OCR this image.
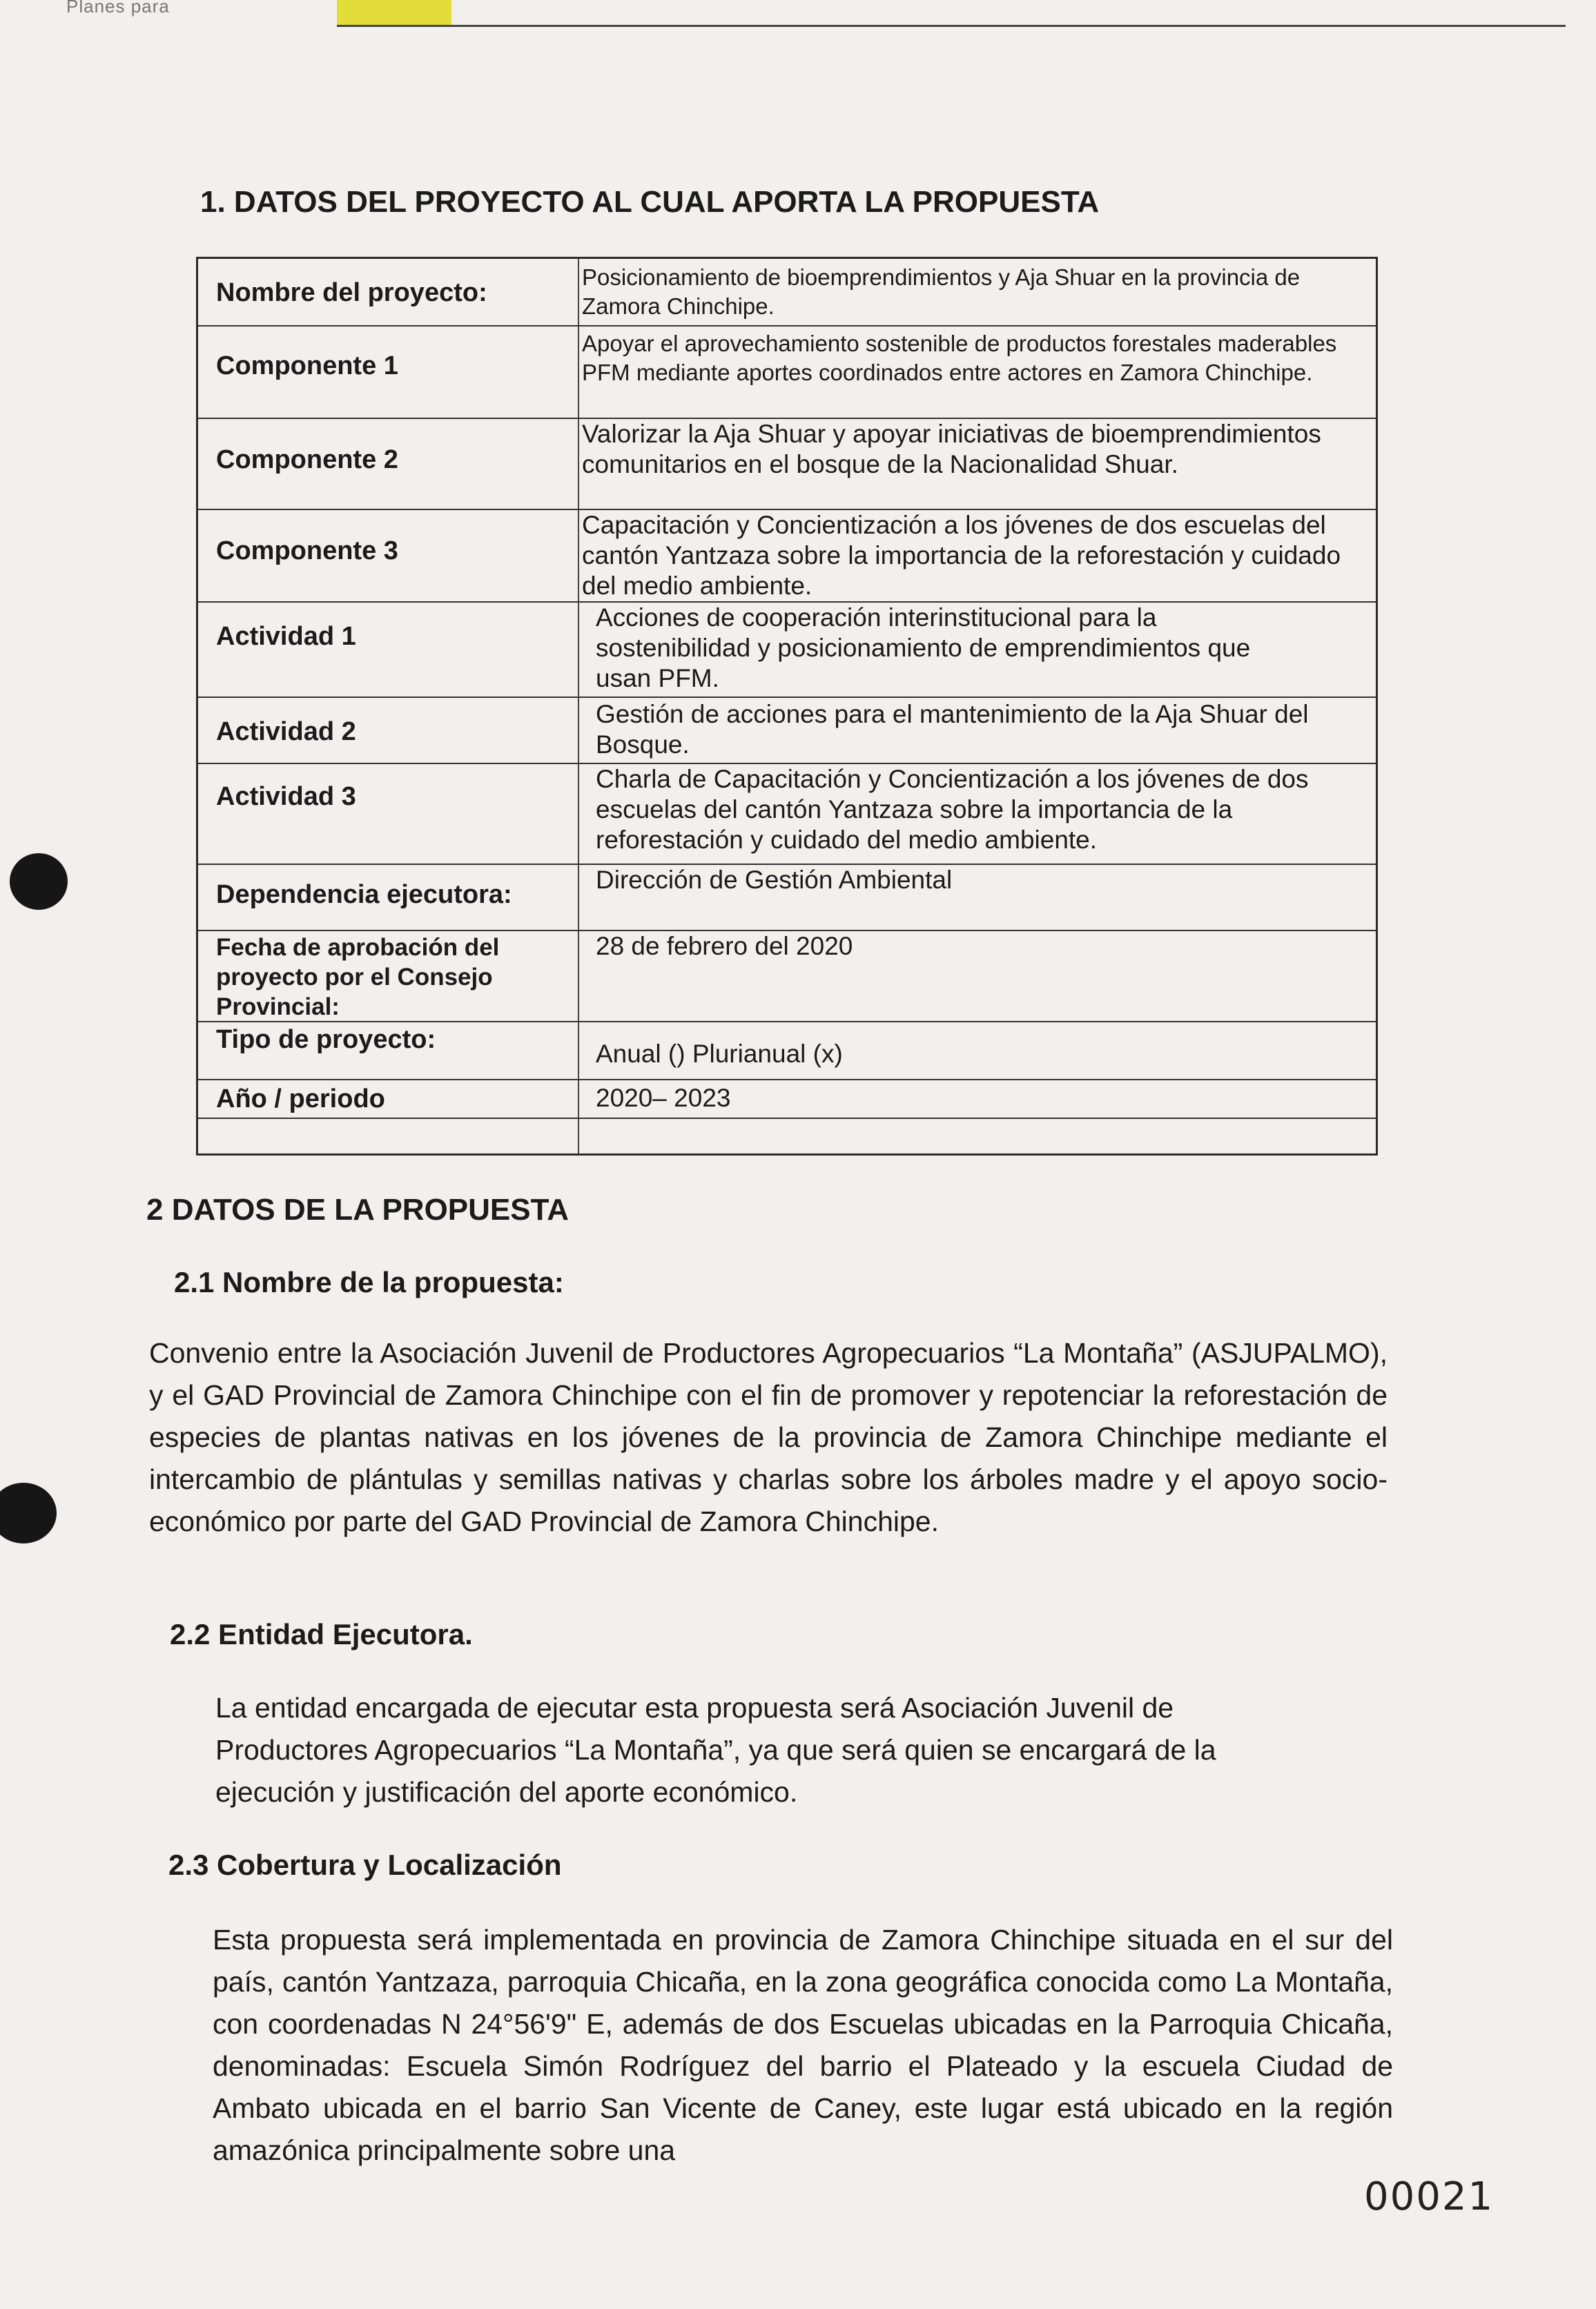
Planes para
1. DATOS DEL PROYECTO AL CUAL APORTA LA PROPUESTA
Nombre del proyecto:
Posicionamiento de bioemprendimientos y Aja Shuar en la provincia de Zamora Chinchipe.
Componente 1
Apoyar el aprovechamiento sostenible de productos forestales maderables PFM mediante aportes coordinados entre actores en Zamora Chinchipe.
Componente 2
Valorizar la Aja Shuar y apoyar iniciativas de bioemprendimientos comunitarios en el bosque de la Nacionalidad Shuar.
Componente 3
Capacitación y Concientización a los jóvenes de dos escuelas del cantón Yantzaza sobre la importancia de la reforestación y cuidado del medio ambiente.
Actividad 1
Acciones de cooperación interinstitucional para la sostenibilidad y posicionamiento de emprendimientos que usan PFM.
Actividad 2
Gestión de acciones para el mantenimiento de la Aja Shuar del Bosque.
Actividad 3
Charla de Capacitación y Concientización a los jóvenes de dos escuelas del cantón Yantzaza sobre la importancia de la reforestación y cuidado del medio ambiente.
Dependencia ejecutora:
Dirección de Gestión Ambiental
Fecha de aprobación del proyecto por el Consejo Provincial:
28 de febrero del 2020
Tipo de proyecto:	Anual () Plurianual (x)
Año / periodo	2020– 2023
2 DATOS DE LA PROPUESTA
2.1 Nombre de la propuesta:
Convenio entre la Asociación Juvenil de Productores Agropecuarios “La Montaña” (ASJUPALMO), y el GAD Provincial de Zamora Chinchipe con el fin de promover y repotenciar la reforestación de especies de plantas nativas en los jóvenes de la provincia de Zamora Chinchipe mediante el intercambio de plántulas y semillas nativas y charlas sobre los árboles madre y el apoyo socio-económico por parte del GAD Provincial de Zamora Chinchipe.
2.2 Entidad Ejecutora.
La entidad encargada de ejecutar esta propuesta será Asociación Juvenil de Productores Agropecuarios “La Montaña”, ya que será quien se encargará de la ejecución y justificación del aporte económico.
2.3 Cobertura y Localización
Esta propuesta será implementada en provincia de Zamora Chinchipe situada en el sur del país, cantón Yantzaza, parroquia Chicaña, en la zona geográfica conocida como La Montaña, con coordenadas N 24°56'9" E, además de dos Escuelas ubicadas en la Parroquia Chicaña, denominadas: Escuela Simón Rodríguez del barrio el Plateado y la escuela Ciudad de Ambato ubicada en el barrio San Vicente de Caney, este lugar está ubicado en la región amazónica principalmente sobre una
00021
